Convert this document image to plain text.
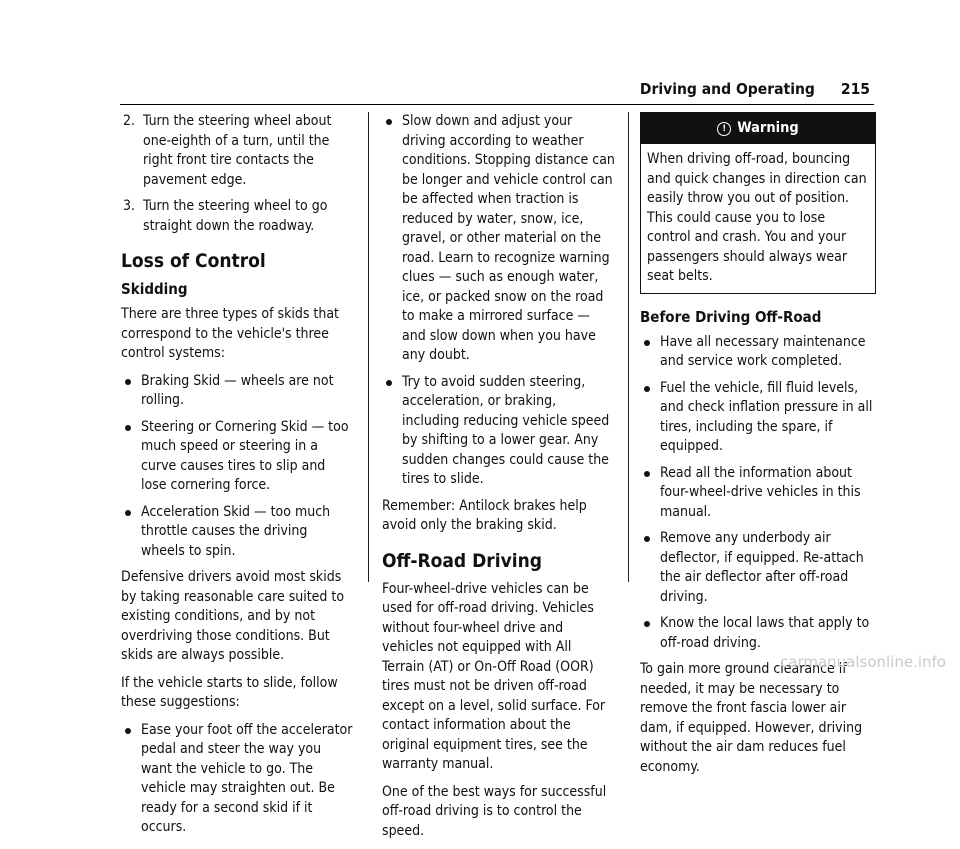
Driving and Operating 215
2. Turn the steering wheel about one-eighth of a turn, until the right front tire contacts the pavement edge.
3. Turn the steering wheel to go straight down the roadway.
Loss of Control
Skidding

There are three types of skids that correspond to the vehicle's three control systems:

Braking Skid — wheels are not rolling.
Steering or Cornering Skid — too much speed or steering in a curve causes tires to slip and lose cornering force.
Acceleration Skid — too much throttle causes the driving wheels to spin.

Defensive drivers avoid most skids by taking reasonable care suited to existing conditions, and by not overdriving those conditions. But skids are always possible.

If the vehicle starts to slide, follow these suggestions:

Ease your foot off the accelerator pedal and steer the way you want the vehicle to go. The vehicle may straighten out. Be ready for a second skid if it occurs.
Slow down and adjust your driving according to weather conditions. Stopping distance can be longer and vehicle control can be affected when traction is reduced by water, snow, ice, gravel, or other material on the road. Learn to recognize warning clues — such as enough water, ice, or packed snow on the road to make a mirrored surface — and slow down when you have any doubt.
Try to avoid sudden steering, acceleration, or braking, including reducing vehicle speed by shifting to a lower gear. Any sudden changes could cause the tires to slide.

Remember: Antilock brakes help avoid only the braking skid.

Off-Road Driving

Four-wheel-drive vehicles can be used for off-road driving. Vehicles without four-wheel drive and vehicles not equipped with All Terrain (AT) or On-Off Road (OOR) tires must not be driven off-road except on a level, solid surface. For contact information about the original equipment tires, see the warranty manual.

One of the best ways for successful off-road driving is to control the speed.

! Warning
When driving off-road, bouncing and quick changes in direction can easily throw you out of position. This could cause you to lose control and crash. You and your passengers should always wear seat belts.
Before Driving Off-Road
Have all necessary maintenance and service work completed.
Fuel the vehicle, fill fluid levels, and check inflation pressure in all tires, including the spare, if equipped.
Read all the information about four-wheel-drive vehicles in this manual.
Remove any underbody air deflector, if equipped. Re-attach the air deflector after off-road driving.
Know the local laws that apply to off-road driving.

To gain more ground clearance if needed, it may be necessary to remove the front fascia lower air dam, if equipped. However, driving without the air dam reduces fuel economy.

carmanualsonline.info
